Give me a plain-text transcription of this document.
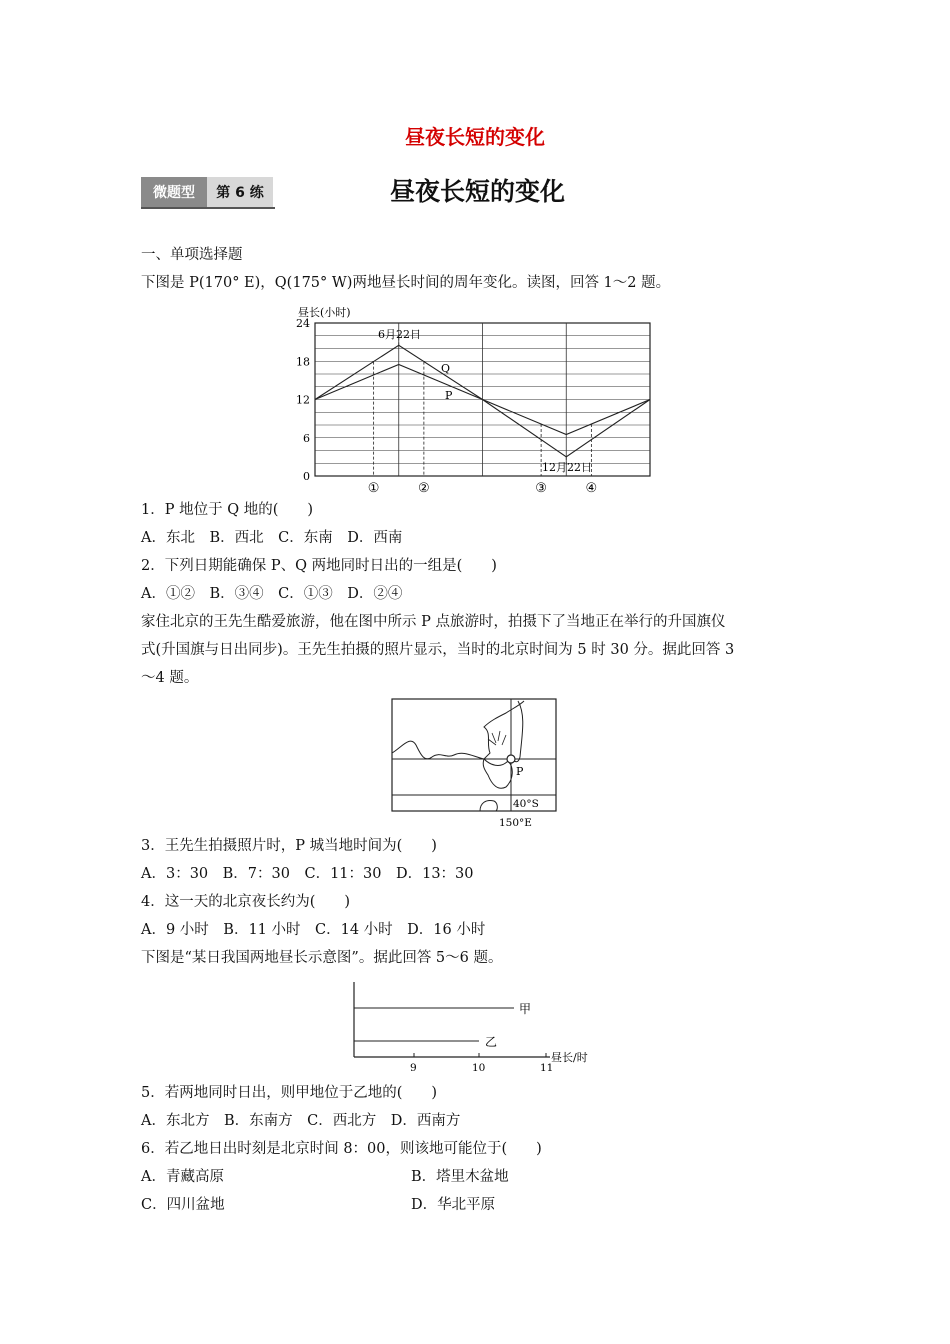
昼夜长短的变化
微题型	第 6 练	昼夜长短的变化
一、单项选择题
下图是 P(170° E)，Q(175° W)两地昼长时间的周年变化。读图，回答 1～2 题。
昼长(小时)
24
18
12
6
0
6月22日
12月22日
Q
P
①	②	③	④
1．P 地位于 Q 地的(　　)
A．东北　B．西北　C．东南　D．西南
2．下列日期能确保 P、Q 两地同时日出的一组是(　　)
A．①②　B．③④　C．①③　D．②④
家住北京的王先生酷爱旅游，他在图中所示 P 点旅游时，拍摄下了当地正在举行的升国旗仪
式(升国旗与日出同步)。王先生拍摄的照片显示，当时的北京时间为 5 时 30 分。据此回答 3
～4 题。
P
40°S
150°E
3．王先生拍摄照片时，P 城当地时间为(　　)
A．3：30　B．7：30　C．11：30　D．13：30
4．这一天的北京夜长约为(　　)
A．9 小时　B．11 小时　C．14 小时　D．16 小时
下图是“某日我国两地昼长示意图”。据此回答 5～6 题。
甲
乙
9	10	11
昼长/时
5．若两地同时日出，则甲地位于乙地的(　　)
A．东北方　B．东南方　C．西北方　D．西南方
6．若乙地日出时刻是北京时间 8：00，则该地可能位于(　　)
A．青藏高原	B．塔里木盆地
C．四川盆地	D．华北平原
